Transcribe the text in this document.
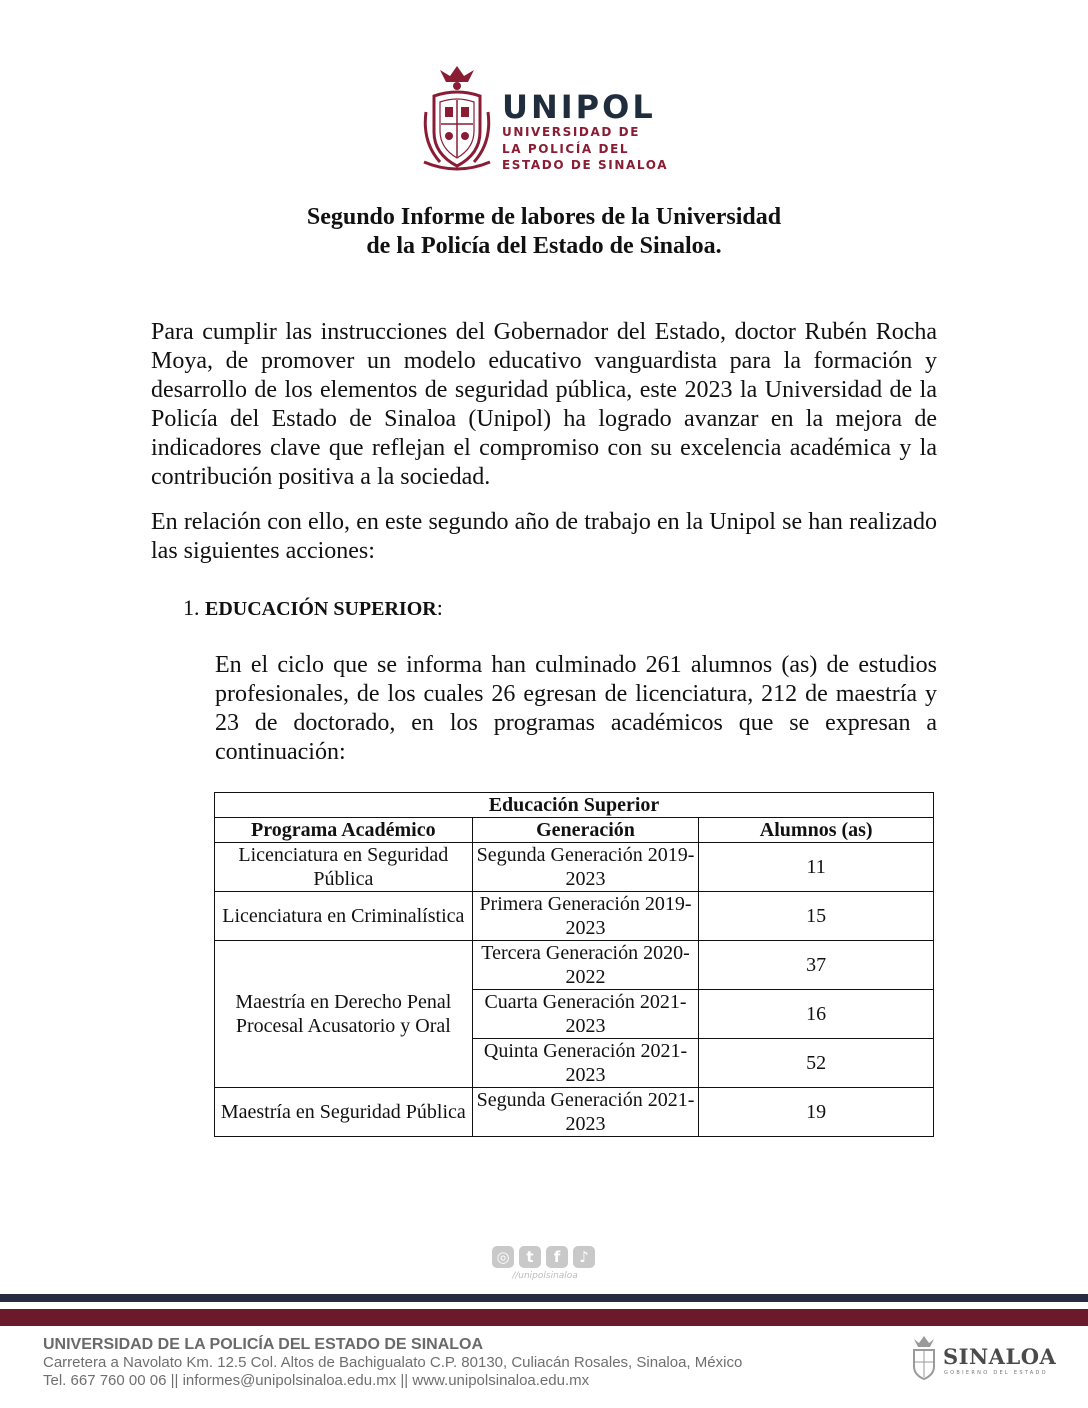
UNIPOL
UNIVERSIDAD DE
LA POLICÍA DEL
ESTADO DE SINALOA
Segundo Informe de labores de la Universidad
de la Policía del Estado de Sinaloa.

Para cumplir las instrucciones del Gobernador del Estado, doctor Rubén Rocha Moya, de promover un modelo educativo vanguardista para la formación y desarrollo de los elementos de seguridad pública, este 2023 la Universidad de la Policía del Estado de Sinaloa (Unipol) ha logrado avanzar en la mejora de indicadores clave que reflejan el compromiso con su excelencia académica y la contribución positiva a la sociedad.

En relación con ello, en este segundo año de trabajo en la Unipol se han realizado las siguientes acciones:

1. EDUCACIÓN SUPERIOR:

En el ciclo que se informa han culminado 261 alumnos (as) de estudios profesionales, de los cuales 26 egresan de licenciatura, 212 de maestría y 23 de doctorado, en los programas académicos que se expresan a continuación:

Educación Superior		
Programa Académico	Generación	Alumnos (as)
Licenciatura en Seguridad Pública	Segunda Generación 2019-2023	11
Licenciatura en Criminalística	Primera Generación 2019-2023	15
Maestría en Derecho Penal Procesal Acusatorio y Oral	Tercera Generación 2020-2022	37
	Cuarta Generación 2021-2023	16
	Quinta Generación 2021-2023	52
Maestría en Seguridad Pública	Segunda Generación 2021-2023	19
◎	t	f	♪
//unipolsinaloa
UNIVERSIDAD DE LA POLICÍA DEL ESTADO DE SINALOA
Carretera a Navolato Km. 12.5 Col. Altos de Bachigualato C.P. 80130, Culiacán Rosales, Sinaloa, México
Tel. 667 760 00 06 || informes@unipolsinaloa.edu.mx || www.unipolsinaloa.edu.mx
SINALOA
GOBIERNO DEL ESTADO
